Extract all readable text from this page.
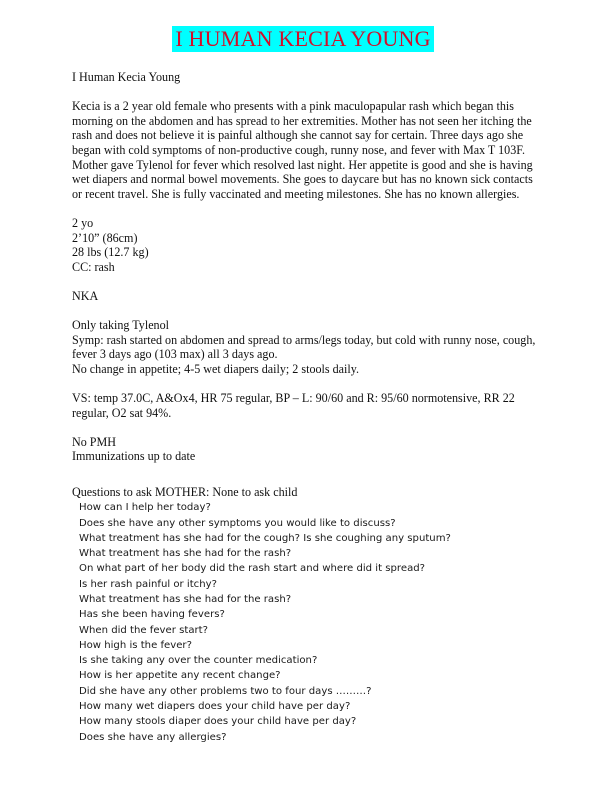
I HUMAN KECIA YOUNG
I Human Kecia Young
Kecia is a 2 year old female who presents with a pink maculopapular rash which began this
morning on the abdomen and has spread to her extremities. Mother has not seen her itching the
rash and does not believe it is painful although she cannot say for certain. Three days ago she
began with cold symptoms of non-productive cough, runny nose, and fever with Max T 103F.
Mother gave Tylenol for fever which resolved last night. Her appetite is good and she is having
wet diapers and normal bowel movements. She goes to daycare but has no known sick contacts
or recent travel. She is fully vaccinated and meeting milestones. She has no known allergies.
2 yo
2’10” (86cm)
28 lbs (12.7 kg)
CC: rash
NKA
Only taking Tylenol
Symp: rash started on abdomen and spread to arms/legs today, but cold with runny nose, cough,
fever 3 days ago (103 max) all 3 days ago.
No change in appetite; 4-5 wet diapers daily; 2 stools daily.
VS: temp 37.0C, A&Ox4, HR 75 regular, BP – L: 90/60 and R: 95/60 normotensive, RR 22
regular, O2 sat 94%.
No PMH
Immunizations up to date
Questions to ask MOTHER: None to ask child
How can I help her today?
Does she have any other symptoms you would like to discuss?
What treatment has she had for the cough? Is she coughing any sputum?
What treatment has she had for the rash?
On what part of her body did the rash start and where did it spread?
Is her rash painful or itchy?
What treatment has she had for the rash?
Has she been having fevers?
When did the fever start?
How high is the fever?
Is she taking any over the counter medication?
How is her appetite any recent change?
Did she have any other problems two to four days ………?
How many wet diapers does your child have per day?
How many stools diaper does your child have per day?
Does she have any allergies?
